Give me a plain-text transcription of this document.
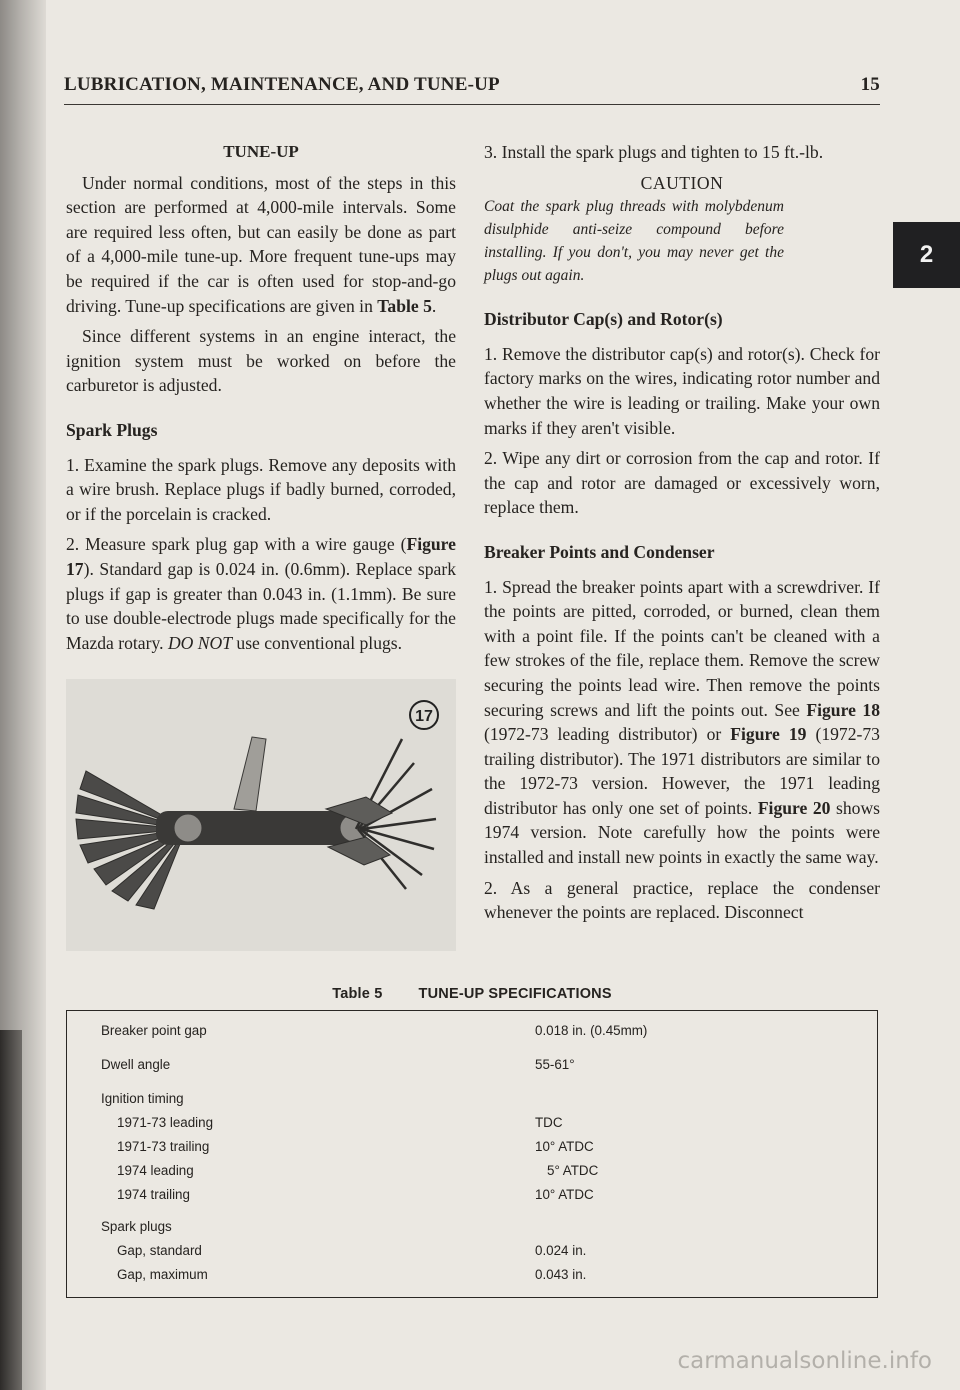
LUBRICATION, MAINTENANCE, AND TUNE-UP	15
2
TUNE-UP

Under normal conditions, most of the steps in this section are performed at 4,000-mile intervals. Some are required less often, but can easily be done as part of a 4,000-mile tune-up. More frequent tune-ups may be required if the car is often used for stop-and-go driving. Tune-up specifications are given in Table 5.

Since different systems in an engine interact, the ignition system must be worked on before the carburetor is adjusted.

Spark Plugs

1. Examine the spark plugs. Remove any deposits with a wire brush. Replace plugs if badly burned, corroded, or if the porcelain is cracked.

2. Measure spark plug gap with a wire gauge (Figure 17). Standard gap is 0.024 in. (0.6mm). Replace spark plugs if gap is greater than 0.043 in. (1.1mm). Be sure to use double-electrode plugs made specifically for the Mazda rotary. DO NOT use conventional plugs.

17

3. Install the spark plugs and tighten to 15 ft.-lb.

CAUTION

Coat the spark plug threads with molybdenum disulphide anti-seize compound before installing. If you don't, you may never get the plugs out again.

Distributor Cap(s) and Rotor(s)

1. Remove the distributor cap(s) and rotor(s). Check for factory marks on the wires, indicating rotor number and whether the wire is leading or trailing. Make your own marks if they aren't visible.

2. Wipe any dirt or corrosion from the cap and rotor. If the cap and rotor are damaged or excessively worn, replace them.

Breaker Points and Condenser

1. Spread the breaker points apart with a screwdriver. If the points are pitted, corroded, or burned, clean them with a point file. If the points can't be cleaned with a few strokes of the file, replace them. Remove the screw securing the points lead wire. Then remove the points securing screws and lift the points out. See Figure 18 (1972-73 leading distributor) or Figure 19 (1972-73 trailing distributor). The 1971 distributors are similar to the 1972-73 version. However, the 1971 leading distributor has only one set of points. Figure 20 shows 1974 version. Note carefully how the points were installed and install new points in exactly the same way.

2. As a general practice, replace the condenser whenever the points are replaced. Disconnect

Table 5 TUNE-UP SPECIFICATIONS
Breaker point gap	0.018 in. (0.45mm)
Dwell angle	55-61°
Ignition timing
1971-73 leading	TDC
1971-73 trailing	10° ATDC
1974 leading	5° ATDC
1974 trailing	10° ATDC
Spark plugs
Gap, standard	0.024 in.
Gap, maximum	0.043 in.
carmanualsonline.info
